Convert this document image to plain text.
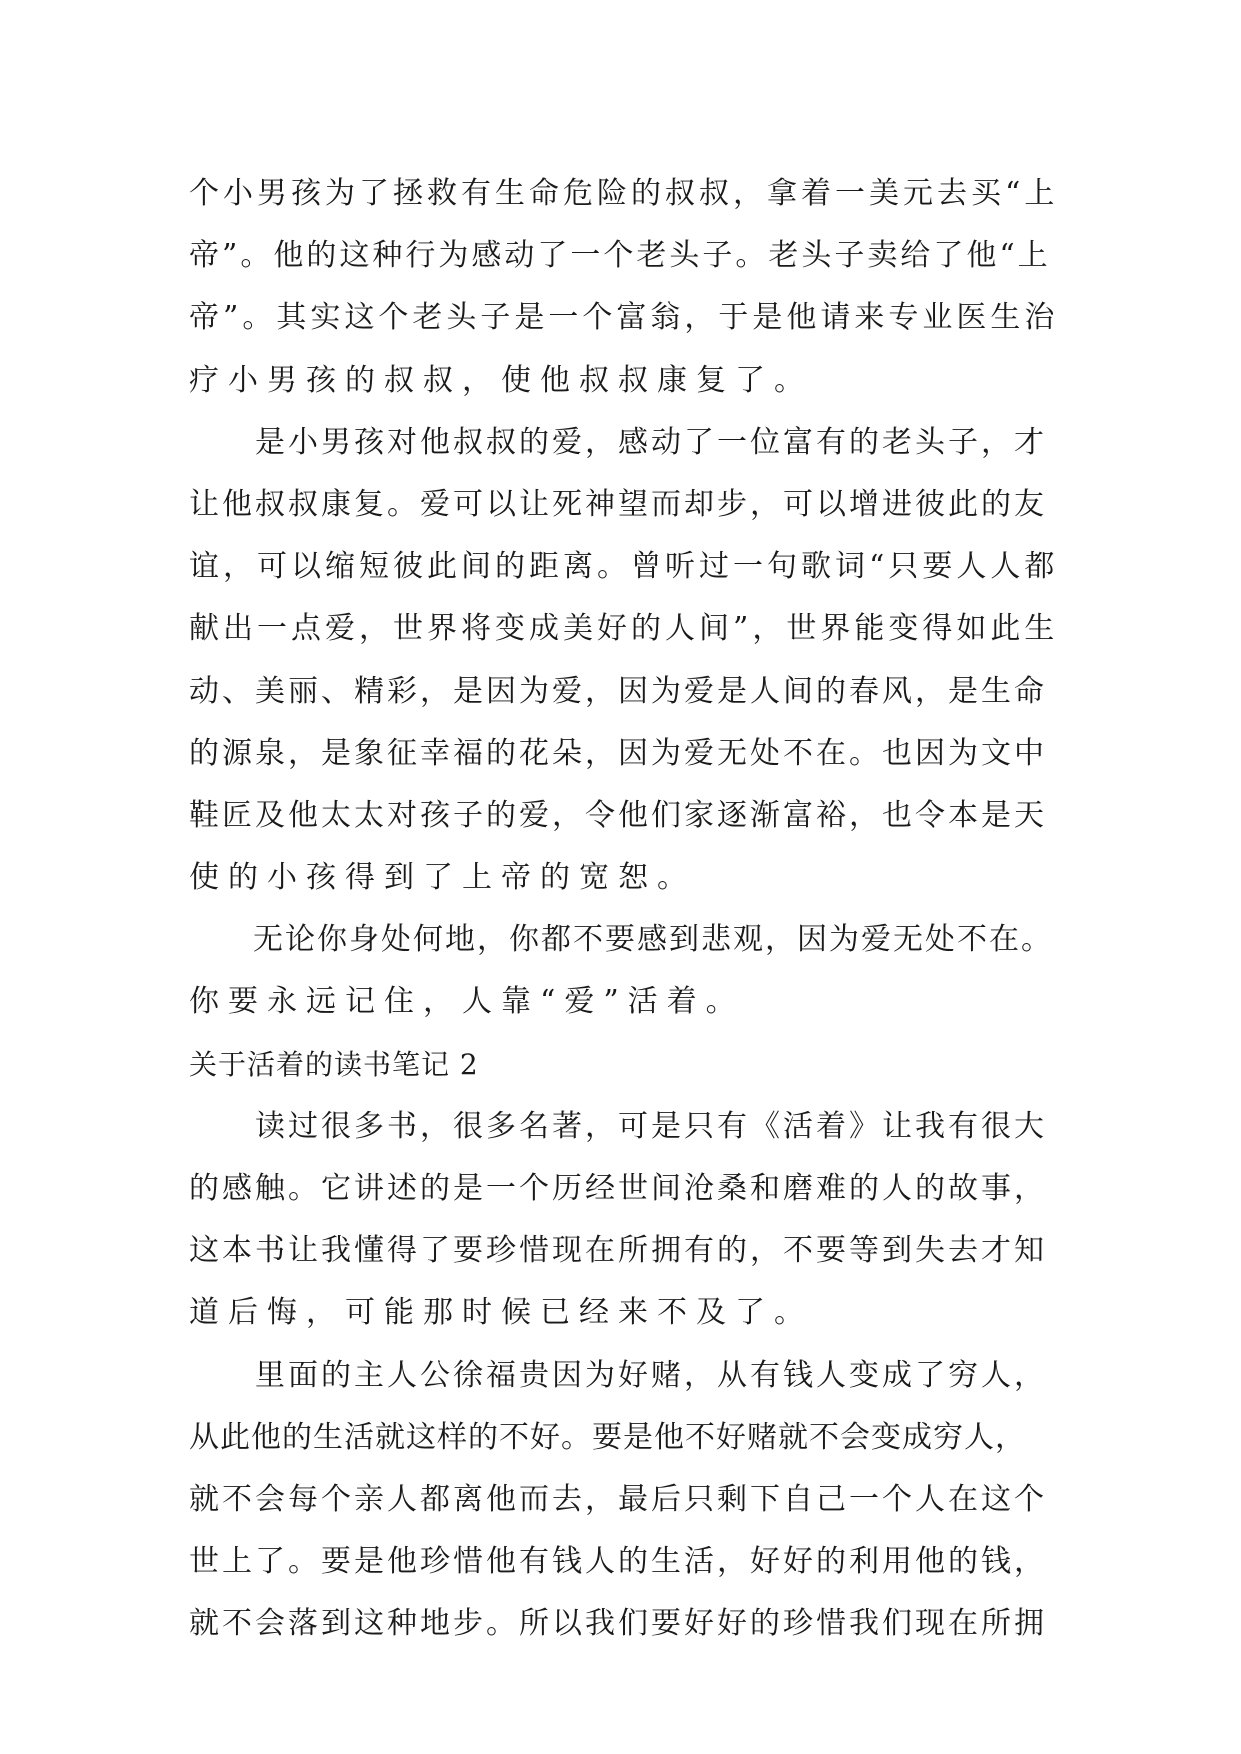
个小男孩为了拯救有生命危险的叔叔，拿着一美元去买“上
帝”。他的这种行为感动了一个老头子。老头子卖给了他“上
帝”。其实这个老头子是一个富翁，于是他请来专业医生治
疗小男孩的叔叔，使他叔叔康复了。
　　是小男孩对他叔叔的爱，感动了一位富有的老头子，才
让他叔叔康复。爱可以让死神望而却步，可以增进彼此的友
谊，可以缩短彼此间的距离。曾听过一句歌词“只要人人都
献出一点爱，世界将变成美好的人间”，世界能变得如此生
动、美丽、精彩，是因为爱，因为爱是人间的春风，是生命
的源泉，是象征幸福的花朵，因为爱无处不在。也因为文中
鞋匠及他太太对孩子的爱，令他们家逐渐富裕，也令本是天
使的小孩得到了上帝的宽恕。
　　无论你身处何地，你都不要感到悲观，因为爱无处不在。
你要永远记住，人靠“爱”活着。
关于活着的读书笔记 2
　　读过很多书，很多名著，可是只有《活着》让我有很大
的感触。它讲述的是一个历经世间沧桑和磨难的人的故事，
这本书让我懂得了要珍惜现在所拥有的，不要等到失去才知
道后悔，可能那时候已经来不及了。
　　里面的主人公徐福贵因为好赌，从有钱人变成了穷人，
从此他的生活就这样的不好。要是他不好赌就不会变成穷人，
就不会每个亲人都离他而去，最后只剩下自己一个人在这个
世上了。要是他珍惜他有钱人的生活，好好的利用他的钱，
就不会落到这种地步。所以我们要好好的珍惜我们现在所拥
